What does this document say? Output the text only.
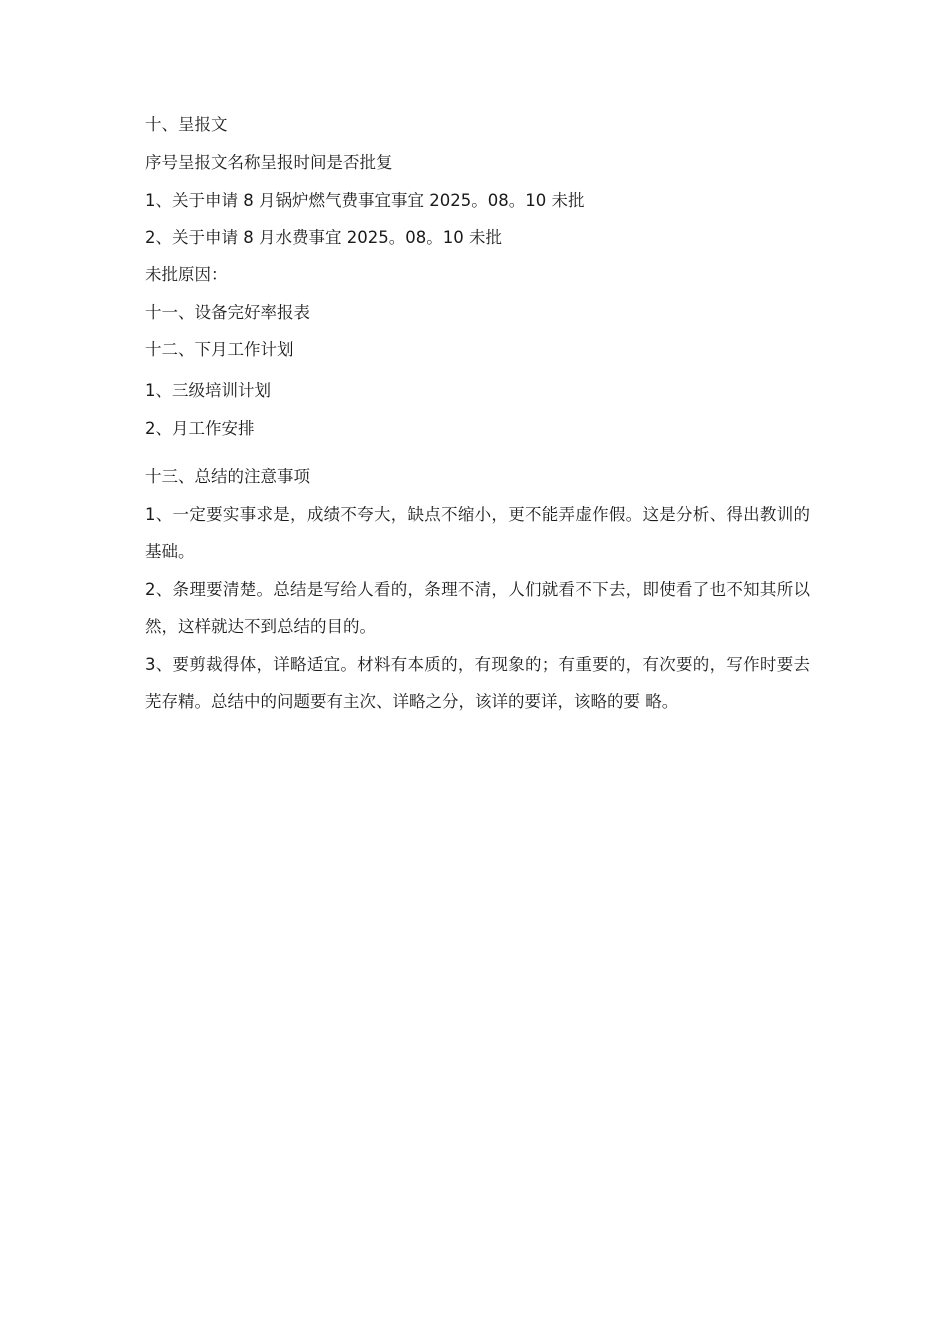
十、呈报文
序号呈报文名称呈报时间是否批复
1、关于申请 8 月锅炉燃气费事宜事宜 2025。08。10 未批
2、关于申请 8 月水费事宜 2025。08。10 未批
未批原因：
十一、设备完好率报表
十二、下月工作计划
1、三级培训计划
2、月工作安排
十三、总结的注意事项
1、一定要实事求是，成绩不夸大，缺点不缩小，更不能弄虚作假。这是分析、得出教训的基础。
2、条理要清楚。总结是写给人看的，条理不清，人们就看不下去，即使看了也不知其所以然，这样就达不到总结的目的。
3、要剪裁得体，详略适宜。材料有本质的，有现象的；有重要的，有次要的，写作时要去芜存精。总结中的问题要有主次、详略之分，该详的要详，该略的要 略。
